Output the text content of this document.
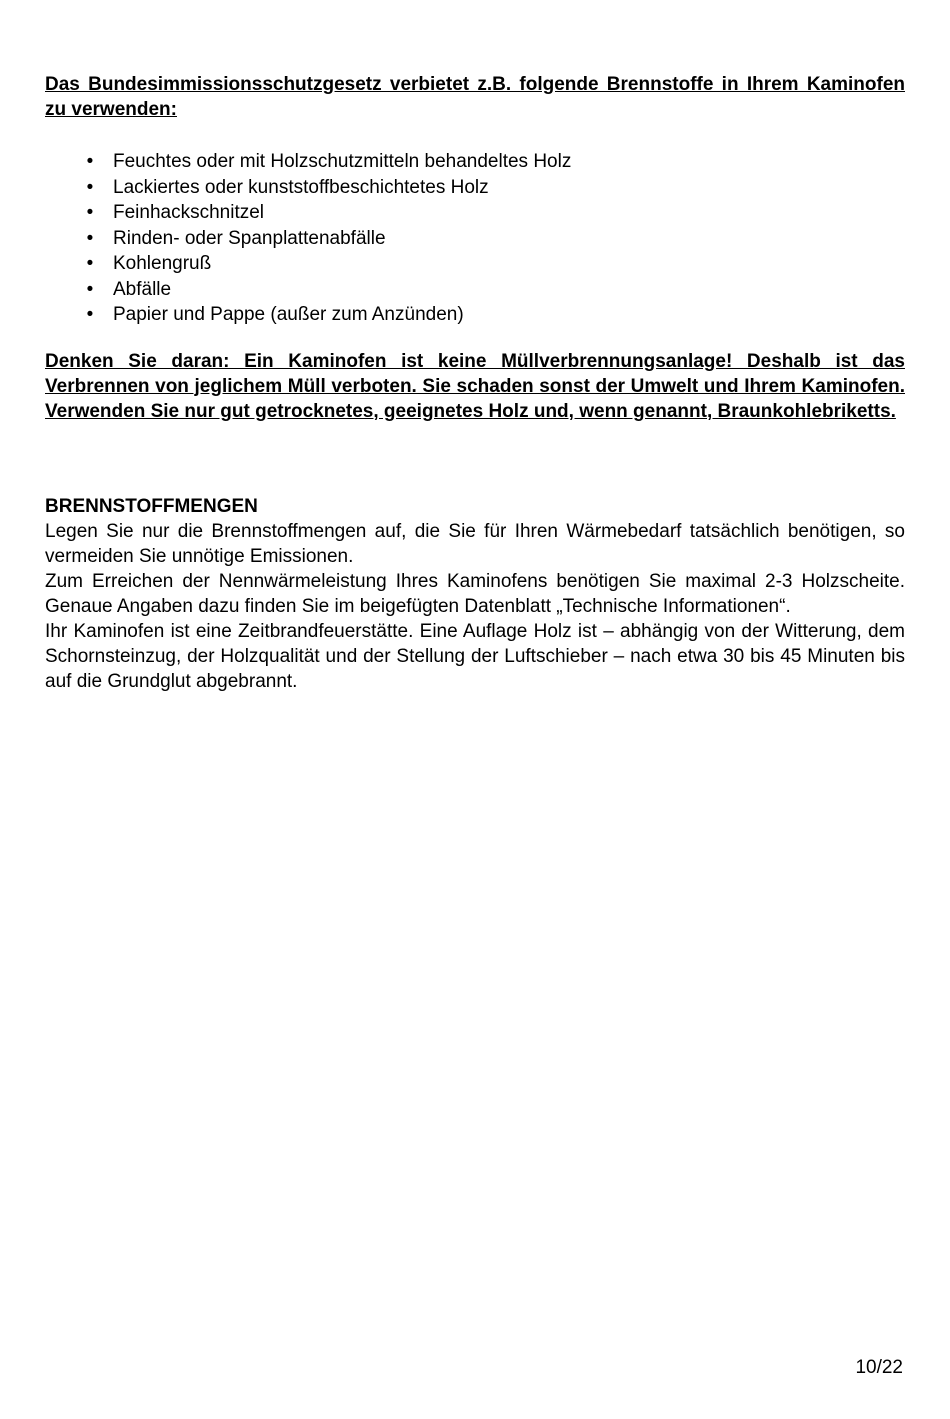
Das Bundesimmissionsschutzgesetz verbietet z.B. folgende Brennstoffe in Ihrem Kaminofen zu verwenden:

•	Feuchtes oder mit Holzschutzmitteln behandeltes Holz
•	Lackiertes oder kunststoffbeschichtetes Holz
•	Feinhackschnitzel
•	Rinden- oder Spanplattenabfälle
•	Kohlengruß
•	Abfälle
•	Papier und Pappe (außer zum Anzünden)

Denken Sie daran: Ein Kaminofen ist keine Müllverbrennungsanlage! Deshalb ist das Verbrennen von jeglichem Müll verboten. Sie schaden sonst der Umwelt und Ihrem Kaminofen. Verwenden Sie nur gut getrocknetes, geeignetes Holz und, wenn genannt, Braunkohlebriketts.

BRENNSTOFFMENGEN

Legen Sie nur die Brennstoffmengen auf, die Sie für Ihren Wärmebedarf tatsächlich benötigen, so vermeiden Sie unnötige Emissionen.

Zum Erreichen der Nennwärmeleistung Ihres Kaminofens benötigen Sie maximal 2-3 Holzscheite. Genaue Angaben dazu finden Sie im beigefügten Datenblatt „Technische Informationen“.

Ihr Kaminofen ist eine Zeitbrandfeuerstätte. Eine Auflage Holz ist – abhängig von der Witterung, dem Schornsteinzug, der Holzqualität und der Stellung der Luftschieber – nach etwa 30 bis 45 Minuten bis auf die Grundglut abgebrannt.

10/22
